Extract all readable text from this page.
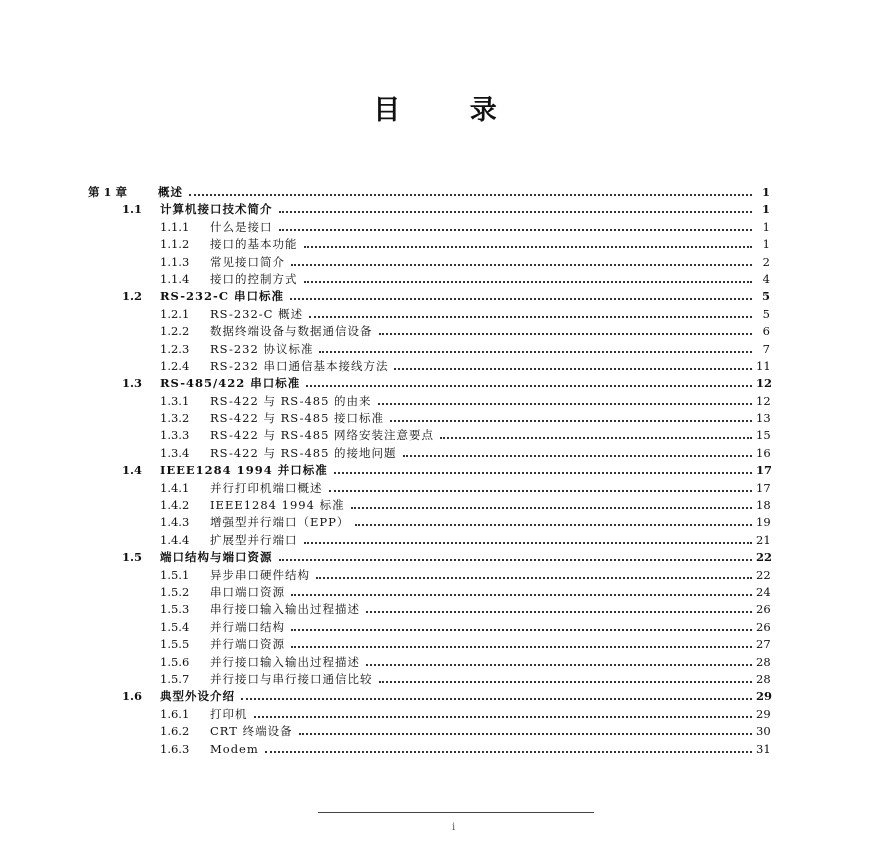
目 录
第 1 章	概述	1
1.1	计算机接口技术简介	1
1.1.1	什么是接口	1
1.1.2	接口的基本功能	1
1.1.3	常见接口简介	2
1.1.4	接口的控制方式	4
1.2	RS-232-C 串口标准	5
1.2.1	RS-232-C 概述	5
1.2.2	数据终端设备与数据通信设备	6
1.2.3	RS-232 协议标准	7
1.2.4	RS-232 串口通信基本接线方法	11
1.3	RS-485/422 串口标准	12
1.3.1	RS-422 与 RS-485 的由来	12
1.3.2	RS-422 与 RS-485 接口标准	13
1.3.3	RS-422 与 RS-485 网络安装注意要点	15
1.3.4	RS-422 与 RS-485 的接地问题	16
1.4	IEEE1284 1994 并口标准	17
1.4.1	并行打印机端口概述	17
1.4.2	IEEE1284 1994 标准	18
1.4.3	增强型并行端口（EPP）	19
1.4.4	扩展型并行端口	21
1.5	端口结构与端口资源	22
1.5.1	异步串口硬件结构	22
1.5.2	串口端口资源	24
1.5.3	串行接口输入输出过程描述	26
1.5.4	并行端口结构	26
1.5.5	并行端口资源	27
1.5.6	并行接口输入输出过程描述	28
1.5.7	并行接口与串行接口通信比较	28
1.6	典型外设介绍	29
1.6.1	打印机	29
1.6.2	CRT 终端设备	30
1.6.3	Modem	31
i
